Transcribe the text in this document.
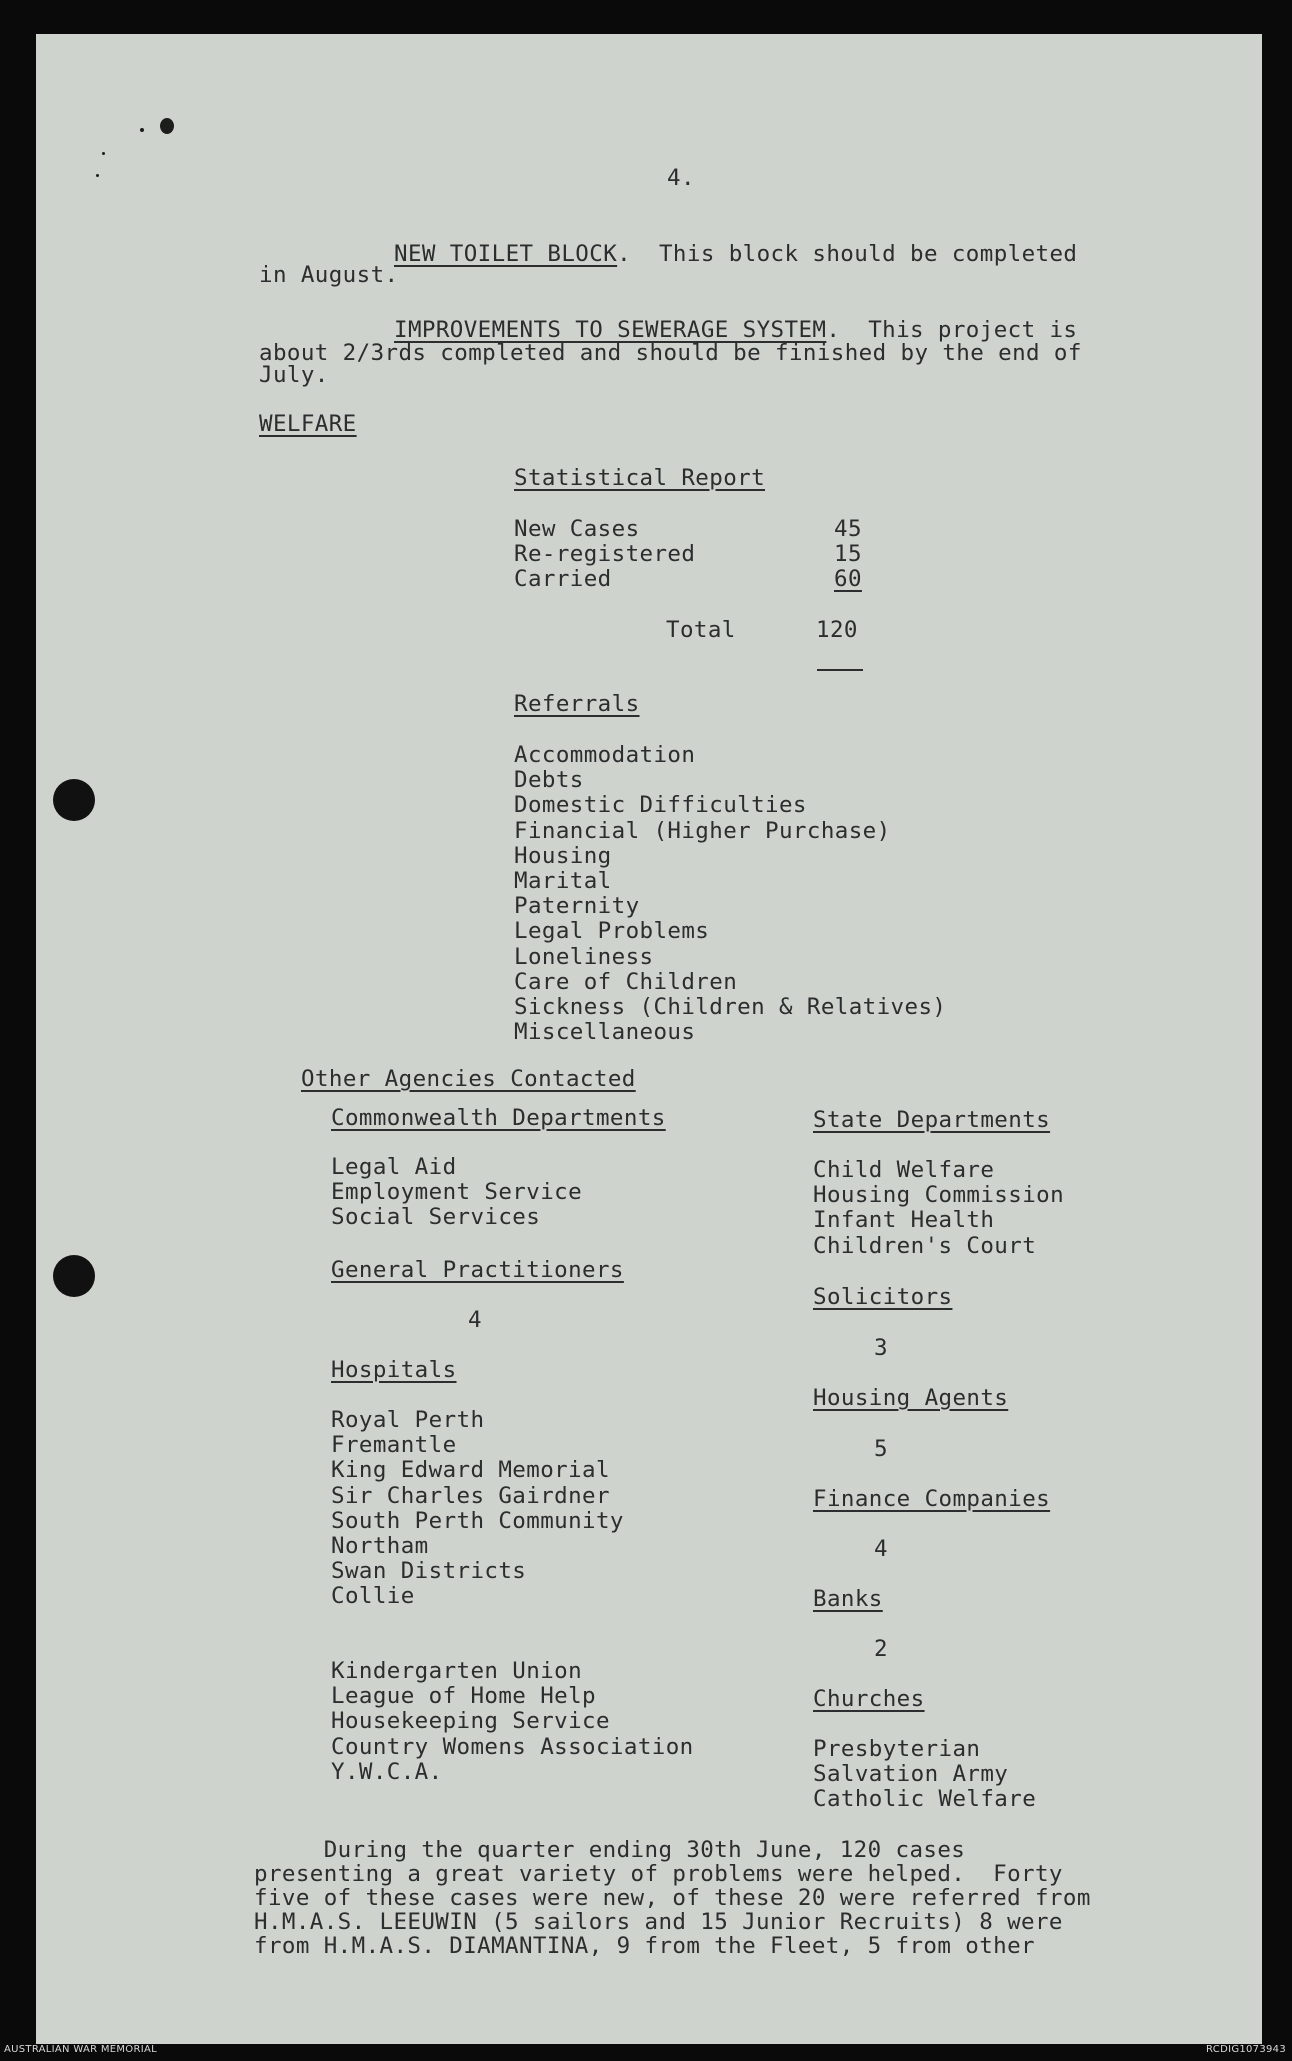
4.
NEW TOILET BLOCK.  This block should be completed
in August.
IMPROVEMENTS TO SEWERAGE SYSTEM.  This project is
about 2/3rds completed and should be finished by the end of
July.
WELFARE
Statistical Report
New Cases	45
Re-registered	15
Carried	60
Total	120
Referrals
Accommodation
Debts
Domestic Difficulties
Financial (Higher Purchase)
Housing
Marital
Paternity
Legal Problems
Loneliness
Care of Children
Sickness (Children & Relatives)
Miscellaneous
Other Agencies Contacted
Commonwealth Departments
Legal Aid
Employment Service
Social Services
General Practitioners
4
Hospitals
Royal Perth
Fremantle
King Edward Memorial
Sir Charles Gairdner
South Perth Community
Northam
Swan Districts
Collie
Kindergarten Union
League of Home Help
Housekeeping Service
Country Womens Association
Y.W.C.A.
State Departments
Child Welfare
Housing Commission
Infant Health
Children's Court
Solicitors
3
Housing Agents
5
Finance Companies
4
Banks
2
Churches
Presbyterian
Salvation Army
Catholic Welfare
During the quarter ending 30th June, 120 cases
presenting a great variety of problems were helped.  Forty
five of these cases were new, of these 20 were referred from
H.M.A.S. LEEUWIN (5 sailors and 15 Junior Recruits) 8 were
from H.M.A.S. DIAMANTINA, 9 from the Fleet, 5 from other
AUSTRALIAN WAR MEMORIAL	RCDIG1073943
